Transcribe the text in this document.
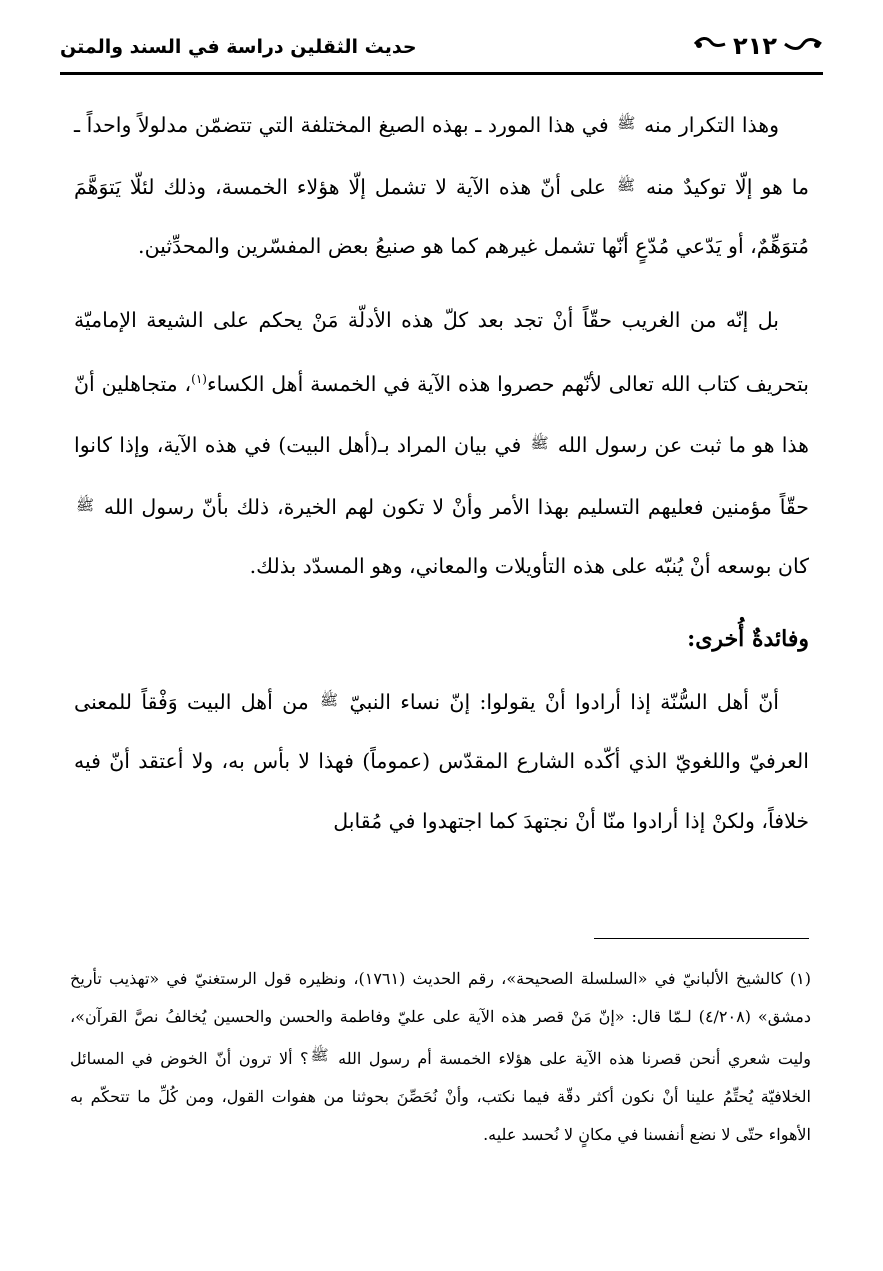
٢١٢
حديث الثقلين دراسة في السند والمتن

وهذا التكرار منه ﷺ في هذا المورد ـ بهذه الصيغ المختلفة التي تتضمّن مدلولاً واحداً ـ ما هو إلّا توكيدٌ منه ﷺ على أنّ هذه الآية لا تشمل إلّا هؤلاء الخمسة، وذلك لئلّا يَتوَهَّمَ مُتوَهِّمٌ، أو يَدّعي مُدّعٍ أنّها تشمل غيرهم كما هو صنيعُ بعض المفسّرين والمحدِّثين.

بل إنّه من الغريب حقّاً أنْ تجد بعد كلّ هذه الأدلّة مَنْ يحكم على الشيعة الإماميّة بتحريف كتاب الله تعالى لأنّهم حصروا هذه الآية في الخمسة أهل الكساء$^{(١)}$، متجاهلين أنّ هذا هو ما ثبت عن رسول الله ﷺ في بيان المراد بـ(أهل البيت) في هذه الآية، وإذا كانوا حقّاً مؤمنين فعليهم التسليم بهذا الأمر وأنْ لا تكون لهم الخيرة، ذلك بأنّ رسول الله ﷺ كان بوسعه أنْ يُنبّه على هذه التأويلات والمعاني، وهو المسدّد بذلك.

وفائدةٌ أُخرى:

أنّ أهل السُّنّة إذا أرادوا أنْ يقولوا: إنّ نساء النبيّ ﷺ من أهل البيت وَفْقاً للمعنى العرفيّ واللغويّ الذي أكّده الشارع المقدّس (عموماً) فهذا لا بأس به، ولا أعتقد أنّ فيه خلافاً، ولكنْ إذا أرادوا منّا أنْ نجتهدَ كما اجتهدوا في مُقابل

(١) كالشيخ الألبانيّ في «السلسلة الصحيحة»، رقم الحديث (١٧٦١)، ونظيره قول الرستغنيّ في «تهذيب تأريخ دمشق» (٤/٢٠٨) لـمّا قال: «إنّ مَنْ قصر هذه الآية على عليّ وفاطمة والحسن والحسين يُخالفُ نصَّ القرآن»، وليت شعري أنحن قصرنا هذه الآية على هؤلاء الخمسة أم رسول الله ﷺ؟ ألا ترون أنّ الخوض في المسائل الخلافيّة يُحتِّمُ علينا أنْ نكون أكثر دقّة فيما نكتب، وأنْ نُحَصِّنَ بحوثنا من هفوات القول، ومن كُلِّ ما تتحكّم به الأهواء حتّى لا نضع أنفسنا في مكانٍ لا نُحسد عليه.
